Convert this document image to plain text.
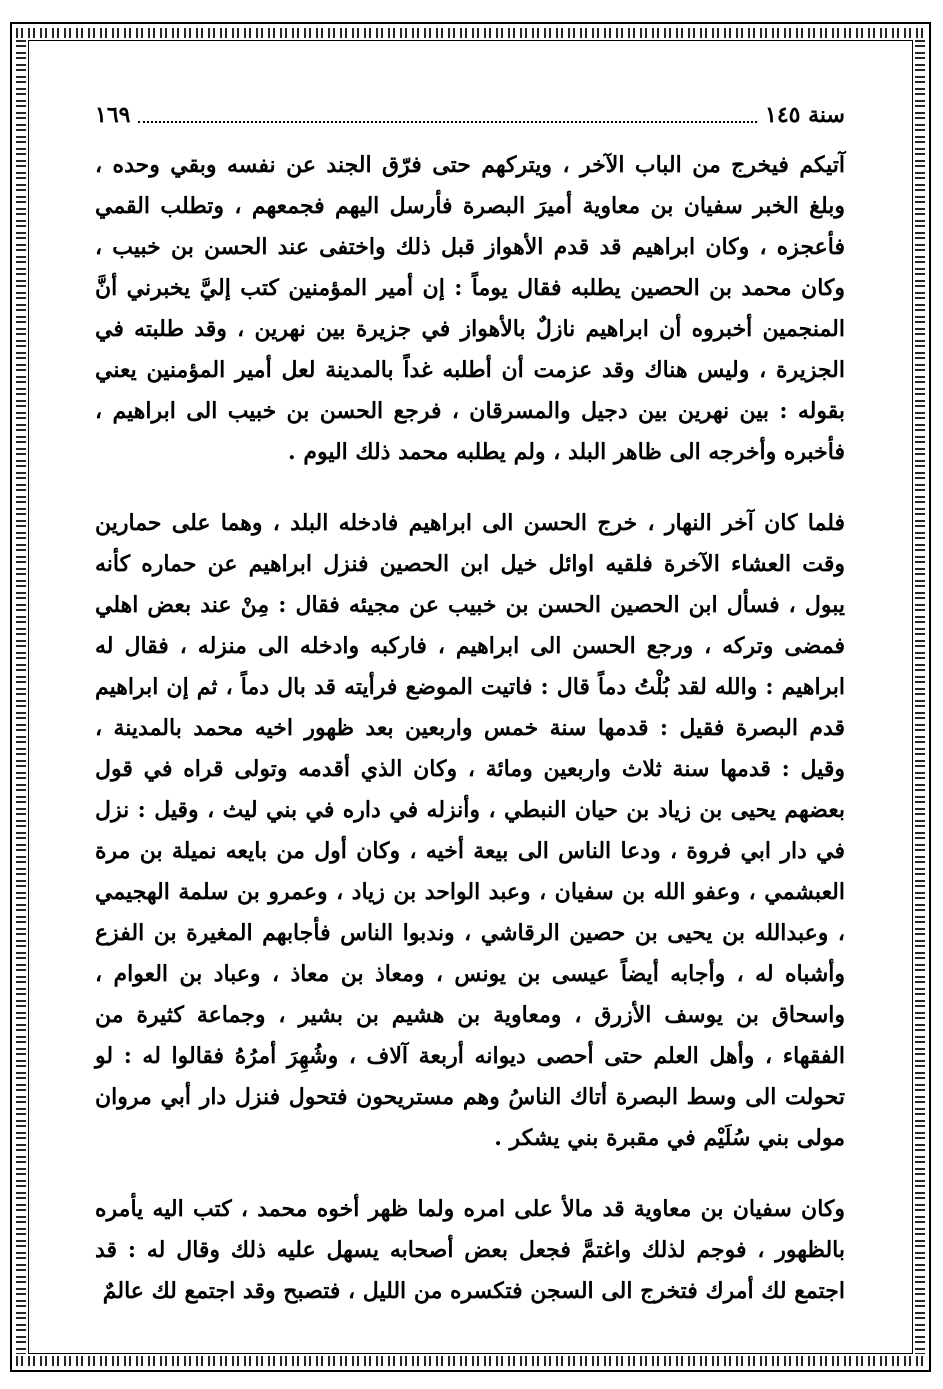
سنة ١٤٥
١٦٩

آتيكم فيخرج من الباب الآخر ، ويتركهم حتى فرّق الجند عن نفسه وبقي وحده ، وبلغ الخبر سفيان بن معاوية أميرَ البصرة فأرسل اليهم فجمعهم ، وتطلب القمي فأعجزه ، وكان ابراهيم قد قدم الأهواز قبل ذلك واختفى عند الحسن بن خبيب ، وكان محمد بن الحصين يطلبه فقال يوماً : إن أمير المؤمنين كتب إليَّ يخبرني أنَّ المنجمين أخبروه أن ابراهيم نازلٌ بالأهواز في جزيرة بين نهرين ، وقد طلبته في الجزيرة ، وليس هناك وقد عزمت أن أطلبه غداً بالمدينة لعل أمير المؤمنين يعني بقوله : بين نهرين بين دجيل والمسرقان ، فرجع الحسن بن خبيب الى ابراهيم ، فأخبره وأخرجه الى ظاهر البلد ، ولم يطلبه محمد ذلك اليوم .

فلما كان آخر النهار ، خرج الحسن الى ابراهيم فادخله البلد ، وهما على حمارين وقت العشاء الآخرة فلقيه اوائل خيل ابن الحصين فنزل ابراهيم عن حماره كأنه يبول ، فسأل ابن الحصين الحسن بن خبيب عن مجيئه فقال : مِنْ عند بعض اهلي فمضى وتركه ، ورجع الحسن الى ابراهيم ، فاركبه وادخله الى منزله ، فقال له ابراهيم : والله لقد بُلْتُ دماً قال : فاتيت الموضع فرأيته قد بال دماً ، ثم إن ابراهيم قدم البصرة فقيل : قدمها سنة خمس واربعين بعد ظهور اخيه محمد بالمدينة ، وقيل : قدمها سنة ثلاث واربعين ومائة ، وكان الذي أقدمه وتولى قراه في قول بعضهم يحيى بن زياد بن حيان النبطي ، وأنزله في داره في بني ليث ، وقيل : نزل في دار ابي فروة ، ودعا الناس الى بيعة أخيه ، وكان أول من بايعه نميلة بن مرة العبشمي ، وعفو الله بن سفيان ، وعبد الواحد بن زياد ، وعمرو بن سلمة الهجيمي ، وعبدالله بن يحيى بن حصين الرقاشي ، وندبوا الناس فأجابهم المغيرة بن الفزع وأشباه له ، وأجابه أيضاً عيسى بن يونس ، ومعاذ بن معاذ ، وعباد بن العوام ، واسحاق بن يوسف الأزرق ، ومعاوية بن هشيم بن بشير ، وجماعة كثيرة من الفقهاء ، وأهل العلم حتى أحصى ديوانه أربعة آلاف ، وشُهِرَ أمرُهُ فقالوا له : لو تحولت الى وسط البصرة أتاك الناسُ وهم مستريحون فتحول فنزل دار أبي مروان مولى بني سُلَيْم في مقبرة بني يشكر .

وكان سفيان بن معاوية قد مالأ على امره ولما ظهر أخوه محمد ، كتب اليه يأمره بالظهور ، فوجم لذلك واغتمَّ فجعل بعض أصحابه يسهل عليه ذلك وقال له : قد اجتمع لك أمرك فتخرج الى السجن فتكسره من الليل ، فتصبح وقد اجتمع لك عالمٌ
